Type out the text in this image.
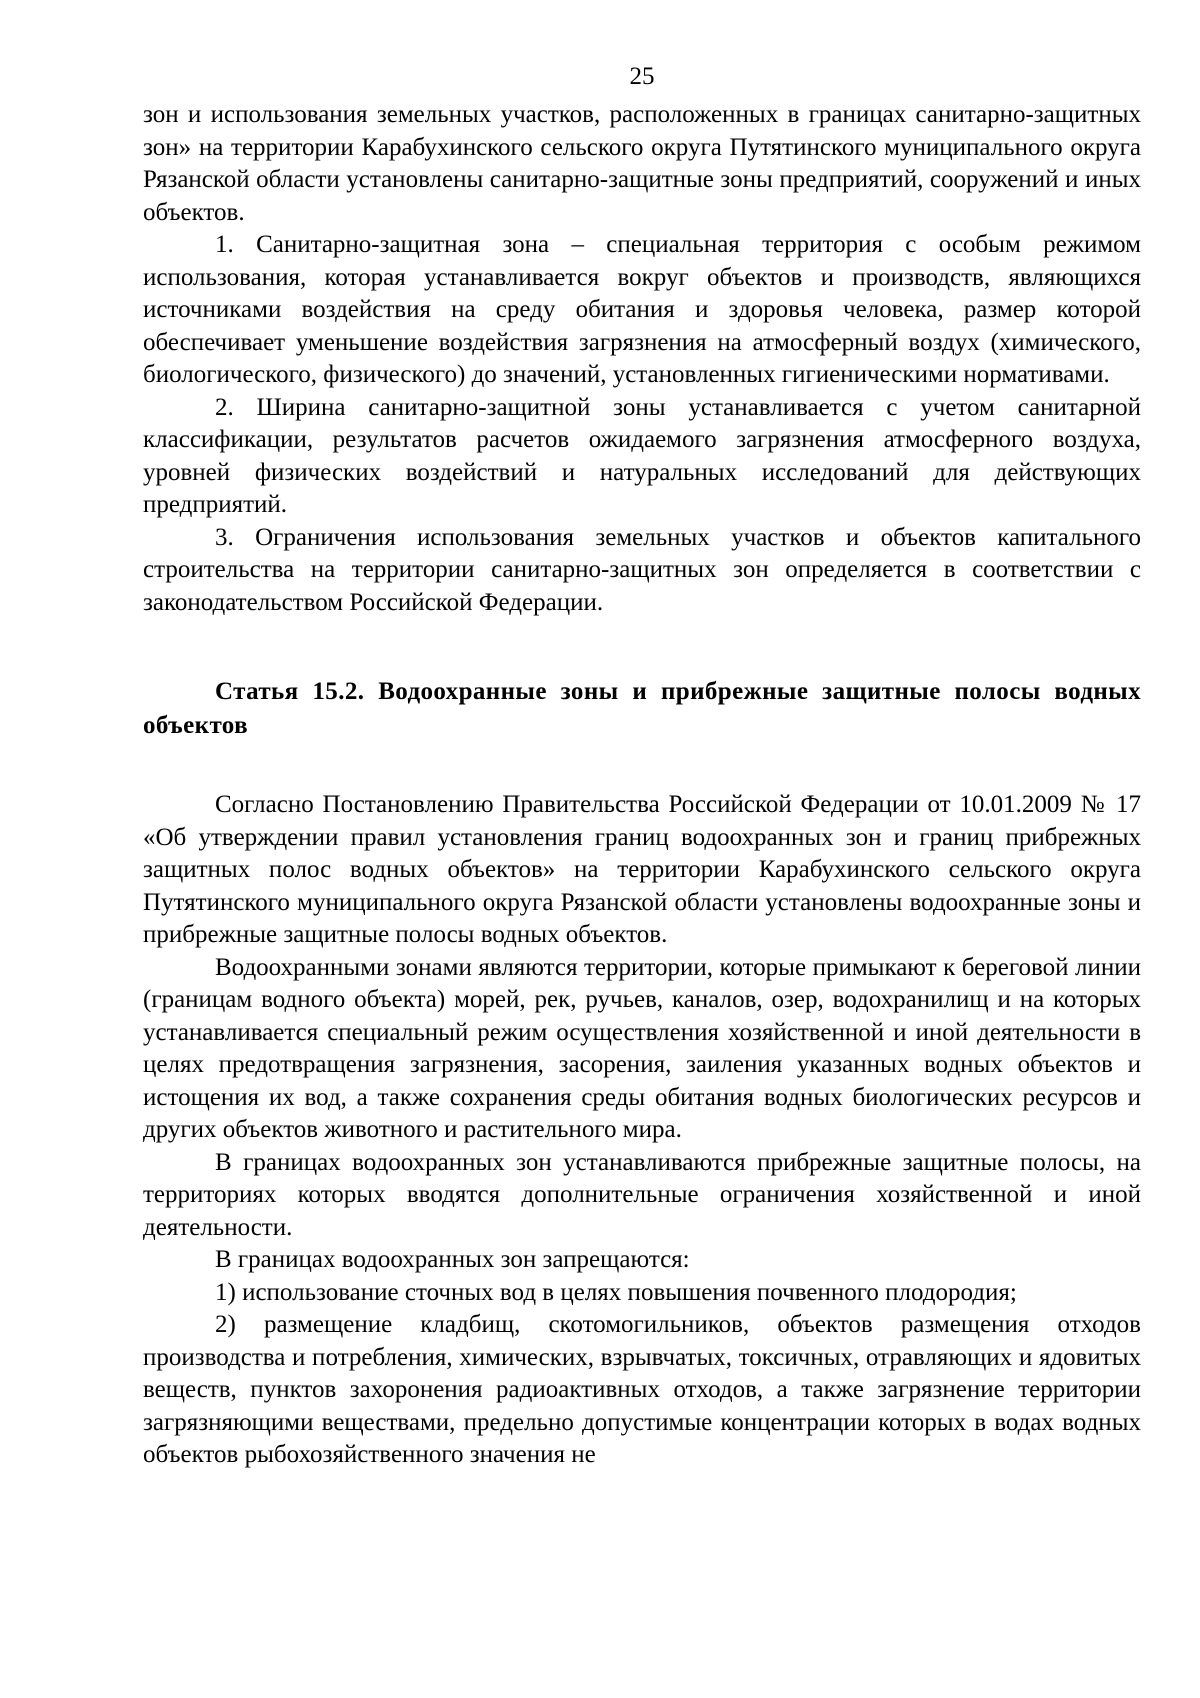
25

зон и использования земельных участков, расположенных в границах санитарно-защитных зон» на территории Карабухинского сельского округа Путятинского муниципального округа Рязанской области установлены санитарно-защитные зоны предприятий, сооружений и иных объектов.

1. Санитарно-защитная зона – специальная территория с особым режимом использования, которая устанавливается вокруг объектов и производств, являющихся источниками воздействия на среду обитания и здоровья человека, размер которой обеспечивает уменьшение воздействия загрязнения на атмосферный воздух (химического, биологического, физического) до значений, установленных гигиеническими нормативами.

2. Ширина санитарно-защитной зоны устанавливается с учетом санитарной классификации, результатов расчетов ожидаемого загрязнения атмосферного воздуха, уровней физических воздействий и натуральных исследований для действующих предприятий.

3. Ограничения использования земельных участков и объектов капитального строительства на территории санитарно-защитных зон определяется в соответствии с законодательством Российской Федерации.

Статья 15.2. Водоохранные зоны и прибрежные защитные полосы водных объектов

Согласно Постановлению Правительства Российской Федерации от 10.01.2009 № 17 «Об утверждении правил установления границ водоохранных зон и границ прибрежных защитных полос водных объектов» на территории Карабухинского сельского округа Путятинского муниципального округа Рязанской области установлены водоохранные зоны и прибрежные защитные полосы водных объектов.

Водоохранными зонами являются территории, которые примыкают к береговой линии (границам водного объекта) морей, рек, ручьев, каналов, озер, водохранилищ и на которых устанавливается специальный режим осуществления хозяйственной и иной деятельности в целях предотвращения загрязнения, засорения, заиления указанных водных объектов и истощения их вод, а также сохранения среды обитания водных биологических ресурсов и других объектов животного и растительного мира.

В границах водоохранных зон устанавливаются прибрежные защитные полосы, на территориях которых вводятся дополнительные ограничения хозяйственной и иной деятельности.

В границах водоохранных зон запрещаются:

1) использование сточных вод в целях повышения почвенного плодородия;

2) размещение кладбищ, скотомогильников, объектов размещения отходов производства и потребления, химических, взрывчатых, токсичных, отравляющих и ядовитых веществ, пунктов захоронения радиоактивных отходов, а также загрязнение территории загрязняющими веществами, предельно допустимые концентрации которых в водах водных объектов рыбохозяйственного значения не
